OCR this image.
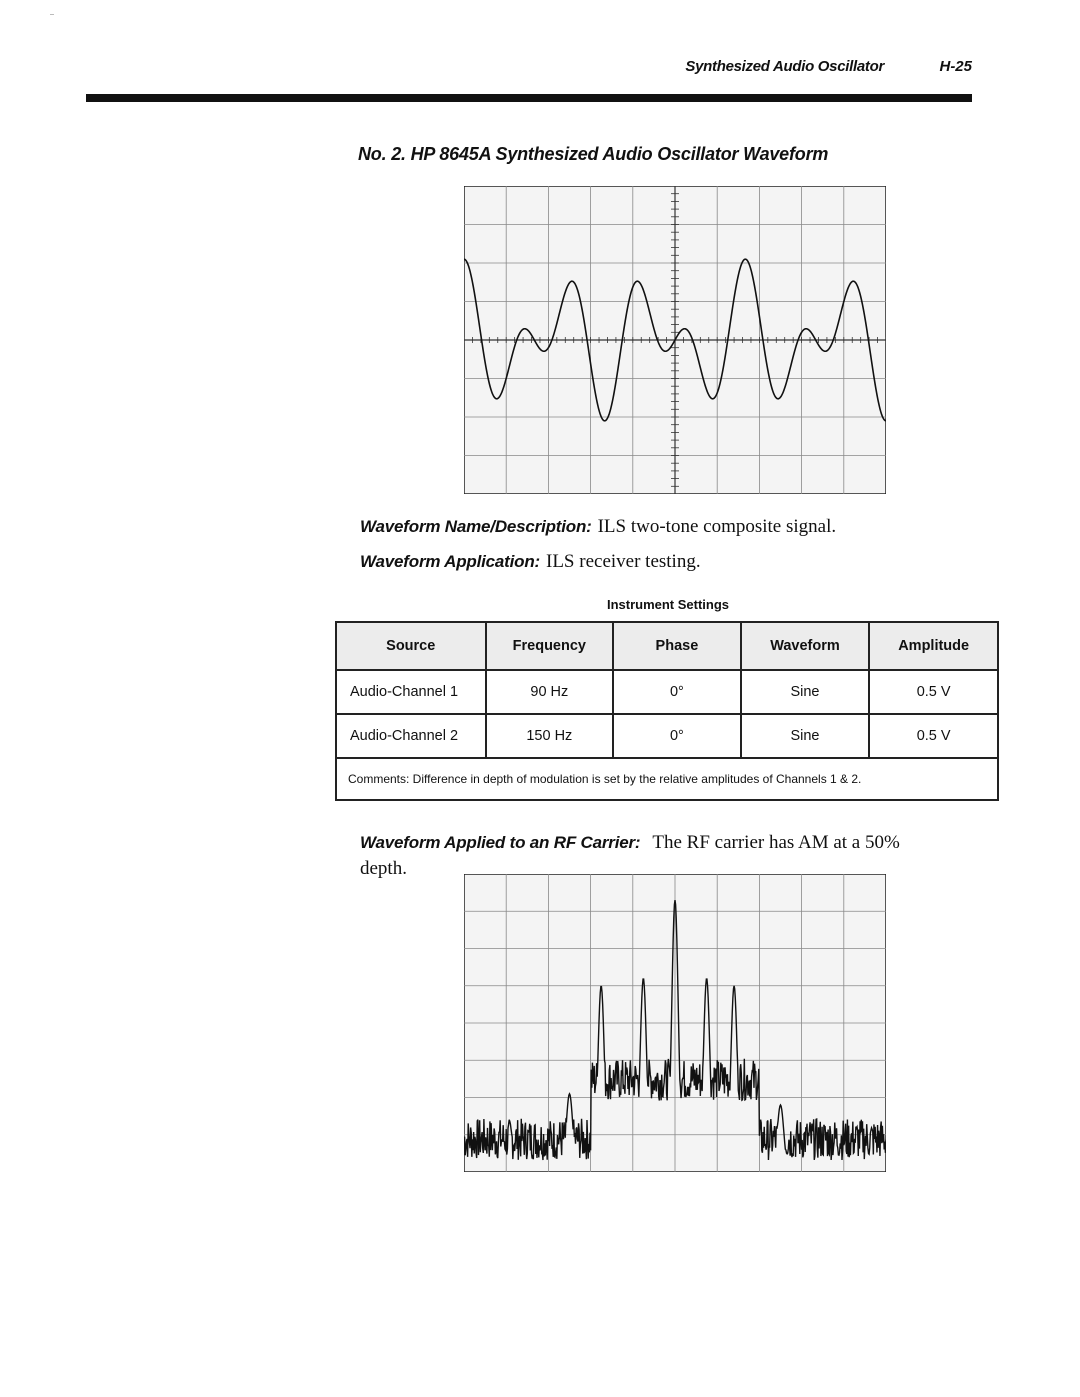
Synthesized Audio Oscillator	H-25
No. 2. HP 8645A Synthesized Audio Oscillator Waveform
Waveform Name/Description: ILS two-tone composite signal.
Waveform Application: ILS receiver testing.
Instrument Settings
Source	Frequency	Phase	Waveform	Amplitude
Audio-Channel 1	90 Hz	0°	Sine	0.5 V
Audio-Channel 2	150 Hz	0°	Sine	0.5 V
Comments: Difference in depth of modulation is set by the relative amplitudes of Channels 1 & 2.				
Waveform Applied to an RF Carrier: The RF carrier has AM at a 50%
depth.
